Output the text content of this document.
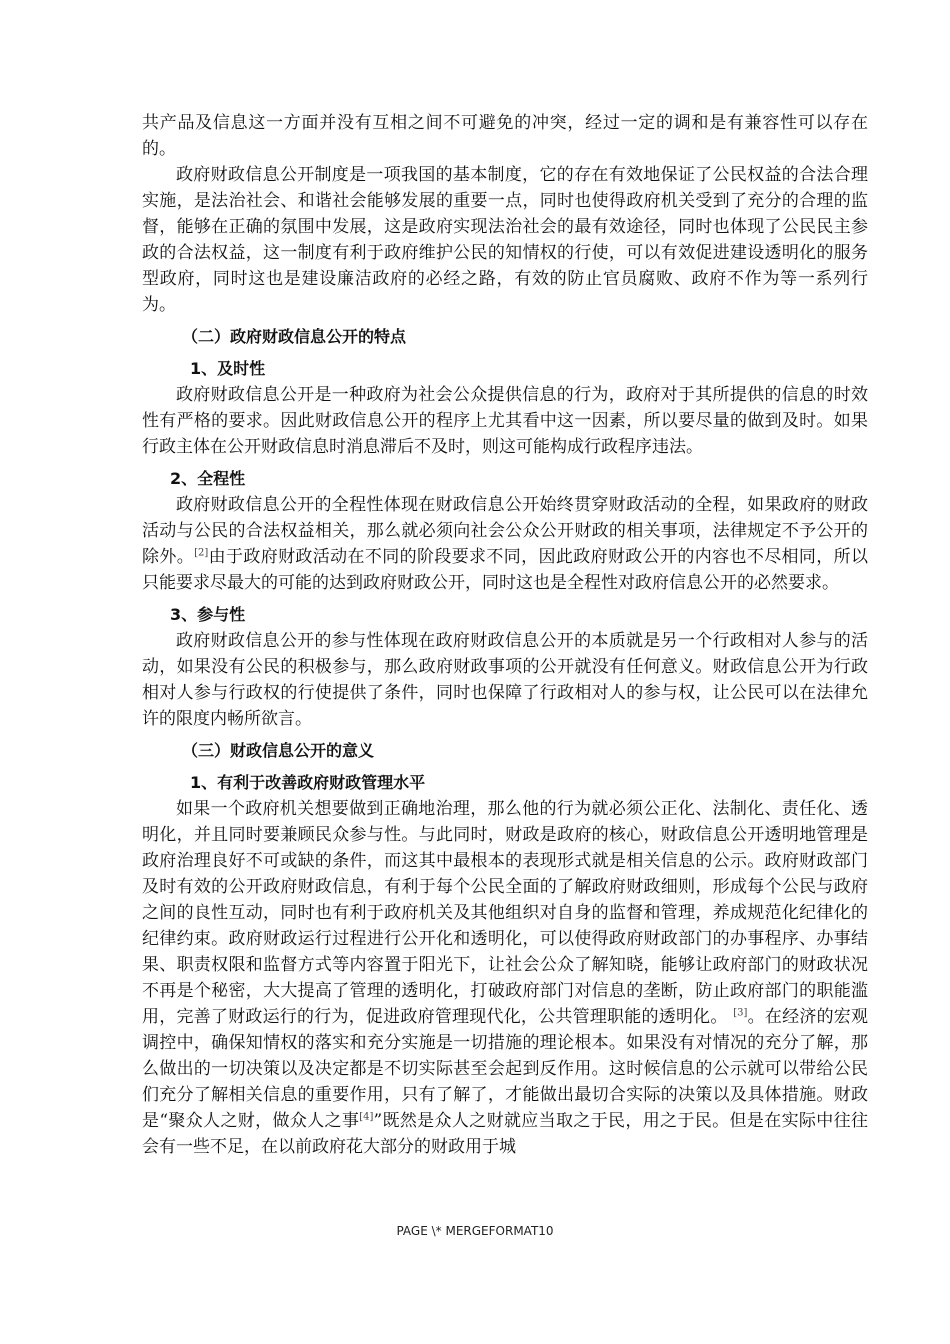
共产品及信息这一方面并没有互相之间不可避免的冲突，经过一定的调和是有兼容性可以存在的。

政府财政信息公开制度是一项我国的基本制度，它的存在有效地保证了公民权益的合法合理实施，是法治社会、和谐社会能够发展的重要一点，同时也使得政府机关受到了充分的合理的监督，能够在正确的氛围中发展，这是政府实现法治社会的最有效途径，同时也体现了公民民主参政的合法权益，这一制度有利于政府维护公民的知情权的行使，可以有效促进建设透明化的服务型政府，同时这也是建设廉洁政府的必经之路，有效的防止官员腐败、政府不作为等一系列行为。

（二）政府财政信息公开的特点
1、及时性

政府财政信息公开是一种政府为社会公众提供信息的行为，政府对于其所提供的信息的时效性有严格的要求。因此财政信息公开的程序上尤其看中这一因素，所以要尽量的做到及时。如果行政主体在公开财政信息时消息滞后不及时，则这可能构成行政程序违法。

2、全程性

政府财政信息公开的全程性体现在财政信息公开始终贯穿财政活动的全程，如果政府的财政活动与公民的合法权益相关，那么就必须向社会公众公开财政的相关事项，法律规定不予公开的除外。[2]由于政府财政活动在不同的阶段要求不同，因此政府财政公开的内容也不尽相同，所以只能要求尽最大的可能的达到政府财政公开，同时这也是全程性对政府信息公开的必然要求。

3、参与性

政府财政信息公开的参与性体现在政府财政信息公开的本质就是另一个行政相对人参与的活动，如果没有公民的积极参与，那么政府财政事项的公开就没有任何意义。财政信息公开为行政相对人参与行政权的行使提供了条件，同时也保障了行政相对人的参与权，让公民可以在法律允许的限度内畅所欲言。

（三）财政信息公开的意义
1、有利于改善政府财政管理水平

如果一个政府机关想要做到正确地治理，那么他的行为就必须公正化、法制化、责任化、透明化，并且同时要兼顾民众参与性。与此同时，财政是政府的核心，财政信息公开透明地管理是政府治理良好不可或缺的条件，而这其中最根本的表现形式就是相关信息的公示。政府财政部门及时有效的公开政府财政信息，有利于每个公民全面的了解政府财政细则，形成每个公民与政府之间的良性互动，同时也有利于政府机关及其他组织对自身的监督和管理，养成规范化纪律化的纪律约束。政府财政运行过程进行公开化和透明化，可以使得政府财政部门的办事程序、办事结果、职责权限和监督方式等内容置于阳光下，让社会公众了解知晓，能够让政府部门的财政状况不再是个秘密，大大提高了管理的透明化，打破政府部门对信息的垄断，防止政府部门的职能滥用，完善了财政运行的行为，促进政府管理现代化，公共管理职能的透明化。 [3]。在经济的宏观调控中，确保知情权的落实和充分实施是一切措施的理论根本。如果没有对情况的充分了解，那么做出的一切决策以及决定都是不切实际甚至会起到反作用。这时候信息的公示就可以带给公民们充分了解相关信息的重要作用，只有了解了，才能做出最切合实际的决策以及具体措施。财政是“聚众人之财，做众人之事[4]”既然是众人之财就应当取之于民，用之于民。但是在实际中往往会有一些不足，在以前政府花大部分的财政用于城

PAGE \* MERGEFORMAT10
